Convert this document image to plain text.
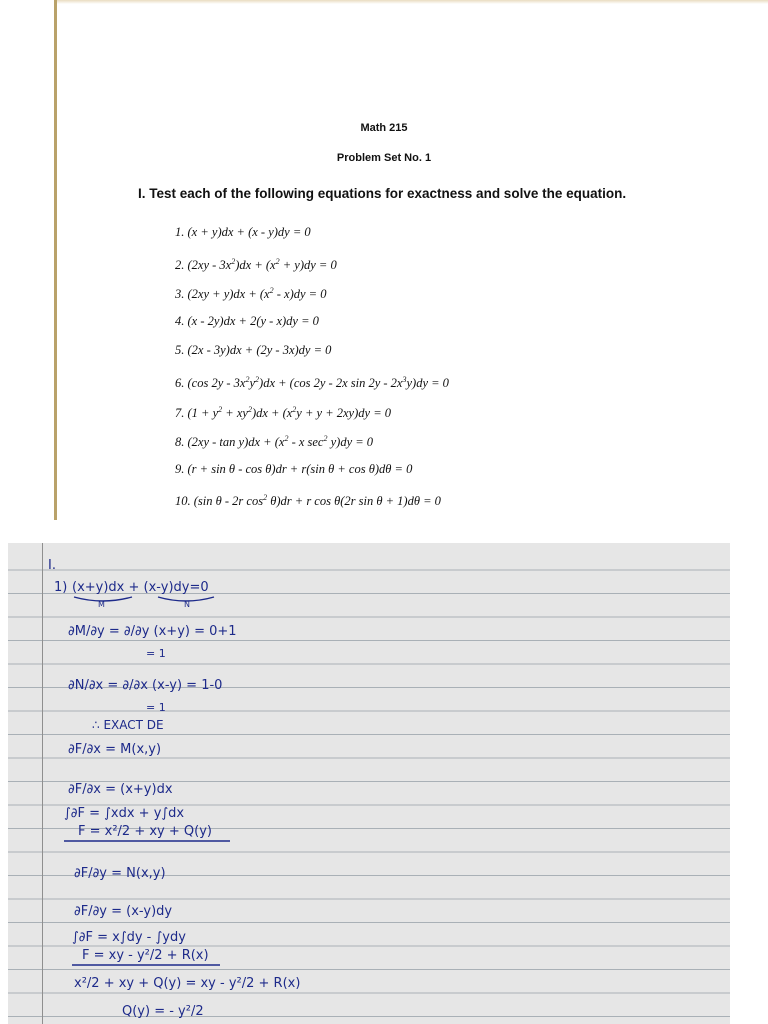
Math 215
Problem Set No. 1
I. Test each of the following equations for exactness and solve the equation.
1. (x + y)dx + (x - y)dy = 0
2. $(2xy - 3x^2)dx + (x^2 + y)dy = 0$
3. $(2xy + y)dx + (x^2 - x)dy = 0$
4. (x - 2y)dx + 2(y - x)dy = 0
5. (2x - 3y)dx + (2y - 3x)dy = 0
6. (cos $2y - 3x^2y^2)dx + (\cos$ 2y - 2x $\sin 2y - 2x^3y)dy = 0$
7. $(1 + y^2 + xy^2)dx + (x^2y + y + 2xy)dy = 0$
8. $(2xy - \tan y)dx + (x^2 - x$ $\sec^2 y)dy = 0$
9. (r + sin θ - cos θ)dr + r(sin θ + cos θ)dθ = 0
10. (sin θ - 2r $\cos^2 \theta)dr + r$ cos θ(2r sin θ + 1)dθ = 0
I.
1) (x+y)dx + (x-y)dy=0
M	N
∂M/∂y = ∂/∂y (x+y) = 0+1
= 1
∂N/∂x = ∂/∂x (x-y) = 1-0
= 1
∴ EXACT DE
∂F/∂x = M(x,y)
∂F/∂x = (x+y)dx
∫∂F = ∫xdx + y∫dx
F = x²/2 + xy + Q(y)
∂F/∂y = N(x,y)
∂F/∂y = (x-y)dy
∫∂F = x∫dy - ∫ydy
F = xy - y²/2 + R(x)
x²/2 + xy + Q(y) = xy - y²/2 + R(x)
Q(y) = - y²/2
